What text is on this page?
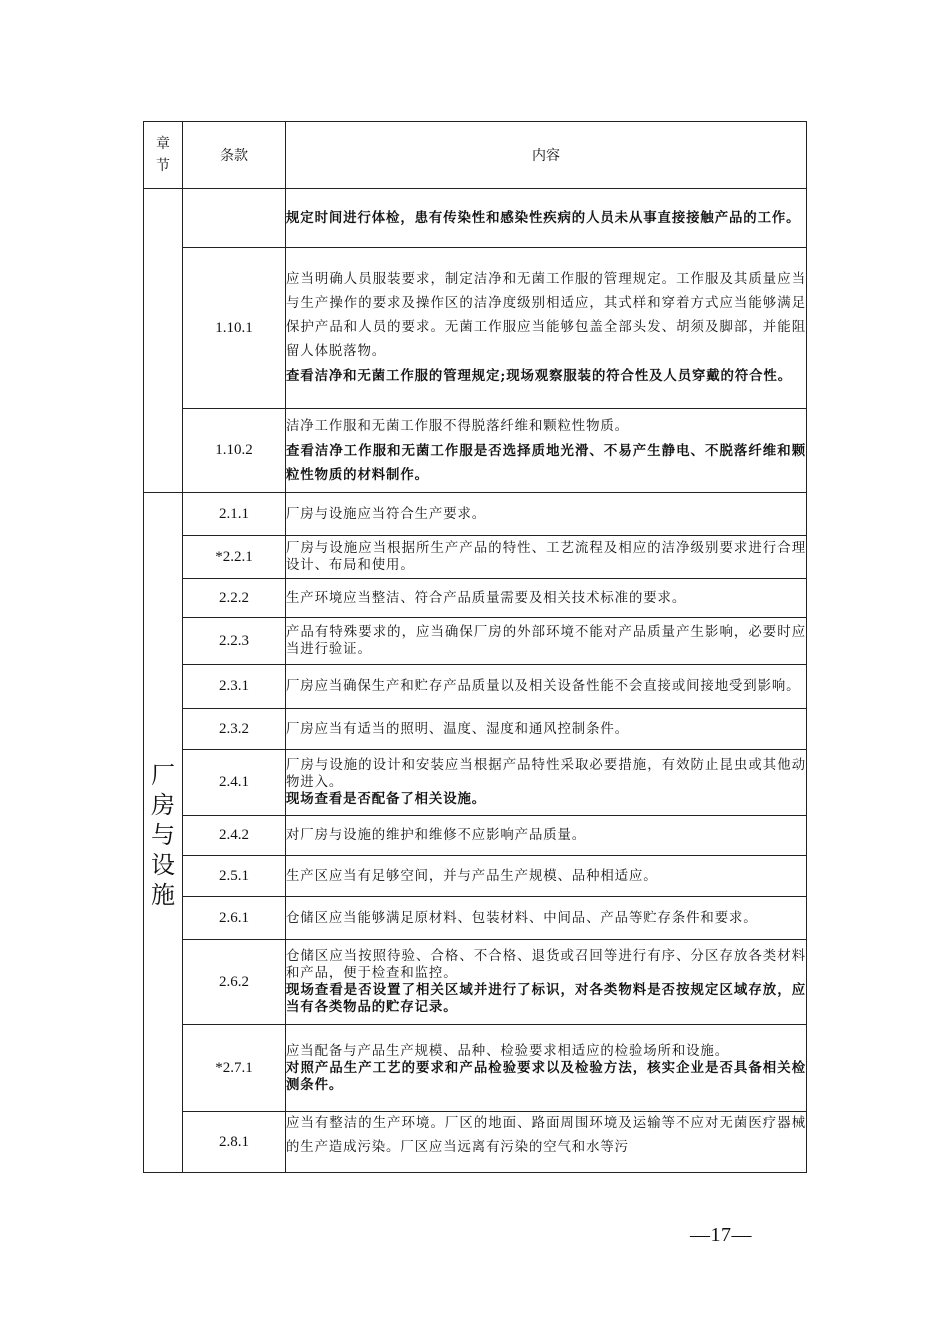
章节	条款	内容

		规定时间进行体检，患有传染性和感染性疾病的人员未从事直接接触产品的工作。

	1.10.1	应当明确人员服装要求，制定洁净和无菌工作服的管理规定。工作服及其质量应当与生产操作的要求及操作区的洁净度级别相适应，其式样和穿着方式应当能够满足保护产品和人员的要求。无菌工作服应当能够包盖全部头发、胡须及脚部，并能阻留人体脱落物。
查看洁净和无菌工作服的管理规定;现场观察服装的符合性及人员穿戴的符合性。

	1.10.2	洁净工作服和无菌工作服不得脱落纤维和颗粒性物质。
查看洁净工作服和无菌工作服是否选择质地光滑、不易产生静电、不脱落纤维和颗粒性物质的材料制作。

厂房与设施	2.1.1	厂房与设施应当符合生产要求。

	*2.2.1	厂房与设施应当根据所生产产品的特性、工艺流程及相应的洁净级别要求进行合理设计、布局和使用。

	2.2.2	生产环境应当整洁、符合产品质量需要及相关技术标准的要求。

	2.2.3	产品有特殊要求的，应当确保厂房的外部环境不能对产品质量产生影响，必要时应当进行验证。

	2.3.1	厂房应当确保生产和贮存产品质量以及相关设备性能不会直接或间接地受到影响。

	2.3.2	厂房应当有适当的照明、温度、湿度和通风控制条件。

	2.4.1	厂房与设施的设计和安装应当根据产品特性采取必要措施，有效防止昆虫或其他动物进入。
现场查看是否配备了相关设施。

	2.4.2	对厂房与设施的维护和维修不应影响产品质量。

	2.5.1	生产区应当有足够空间，并与产品生产规模、品种相适应。

	2.6.1	仓储区应当能够满足原材料、包装材料、中间品、产品等贮存条件和要求。

	2.6.2	仓储区应当按照待验、合格、不合格、退货或召回等进行有序、分区存放各类材料和产品，便于检查和监控。
现场查看是否设置了相关区域并进行了标识，对各类物料是否按规定区域存放，应当有各类物品的贮存记录。

	*2.7.1	应当配备与产品生产规模、品种、检验要求相适应的检验场所和设施。
对照产品生产工艺的要求和产品检验要求以及检验方法，核实企业是否具备相关检测条件。

	2.8.1	应当有整洁的生产环境。厂区的地面、路面周围环境及运输等不应对无菌医疗器械的生产造成污染。厂区应当远离有污染的空气和水等污
—17—
